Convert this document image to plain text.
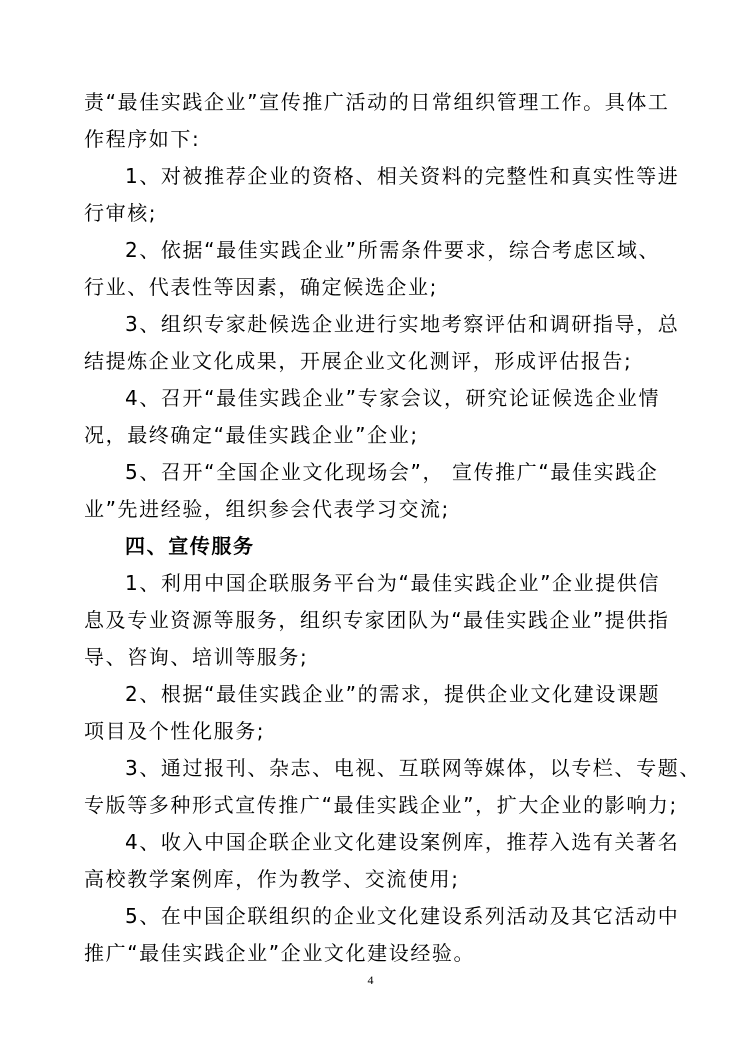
责“最佳实践企业”宣传推广活动的日常组织管理工作。具体工
作程序如下:
1、对被推荐企业的资格、相关资料的完整性和真实性等进
行审核;
2、依据“最佳实践企业”所需条件要求，综合考虑区域、
行业、代表性等因素，确定候选企业;
3、组织专家赴候选企业进行实地考察评估和调研指导，总
结提炼企业文化成果，开展企业文化测评，形成评估报告;
4、召开“最佳实践企业”专家会议，研究论证候选企业情
况，最终确定“最佳实践企业”企业;
5、召开“全国企业文化现场会”， 宣传推广“最佳实践企
业”先进经验，组织参会代表学习交流;
四、宣传服务
1、利用中国企联服务平台为“最佳实践企业”企业提供信
息及专业资源等服务，组织专家团队为“最佳实践企业”提供指
导、咨询、培训等服务;
2、根据“最佳实践企业”的需求，提供企业文化建设课题
项目及个性化服务;
3、通过报刊、杂志、电视、互联网等媒体，以专栏、专题、
专版等多种形式宣传推广“最佳实践企业”，扩大企业的影响力;
4、收入中国企联企业文化建设案例库，推荐入选有关著名
高校教学案例库，作为教学、交流使用;
5、在中国企联组织的企业文化建设系列活动及其它活动中
推广“最佳实践企业”企业文化建设经验。
4
